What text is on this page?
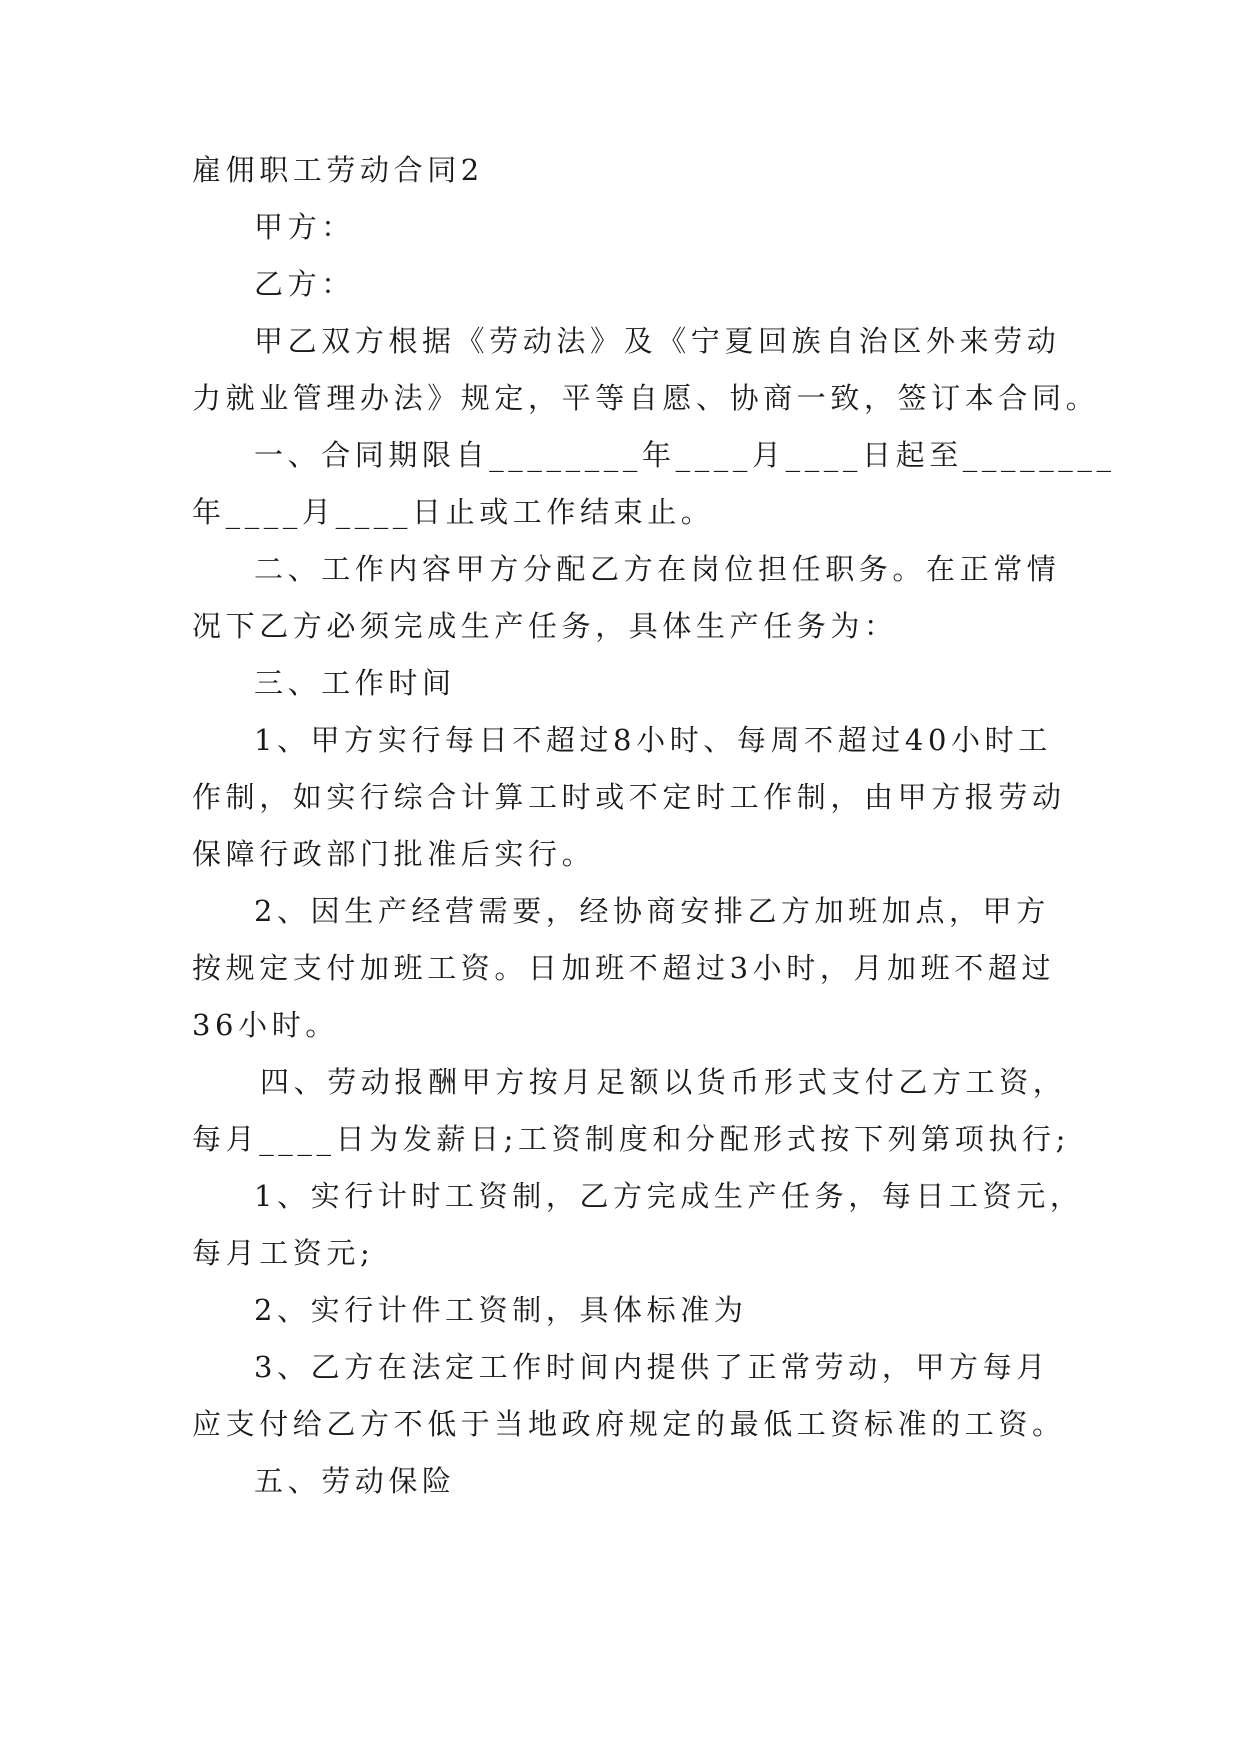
雇佣职工劳动合同2
甲方：
乙方：
甲乙双方根据《劳动法》及《宁夏回族自治区外来劳动
力就业管理办法》规定，平等自愿、协商一致，签订本合同。
一、合同期限自________年____月____日起至________
年____月____日止或工作结束止。
二、工作内容甲方分配乙方在岗位担任职务。在正常情
况下乙方必须完成生产任务，具体生产任务为：
三、工作时间
1、甲方实行每日不超过8小时、每周不超过40小时工
作制，如实行综合计算工时或不定时工作制，由甲方报劳动
保障行政部门批准后实行。
2、因生产经营需要，经协商安排乙方加班加点，甲方
按规定支付加班工资。日加班不超过3小时，月加班不超过
36小时。
四、劳动报酬甲方按月足额以货币形式支付乙方工资，
每月____日为发薪日;工资制度和分配形式按下列第项执行;
1、实行计时工资制，乙方完成生产任务，每日工资元，
每月工资元;
2、实行计件工资制，具体标准为
3、乙方在法定工作时间内提供了正常劳动，甲方每月
应支付给乙方不低于当地政府规定的最低工资标准的工资。
五、劳动保险
